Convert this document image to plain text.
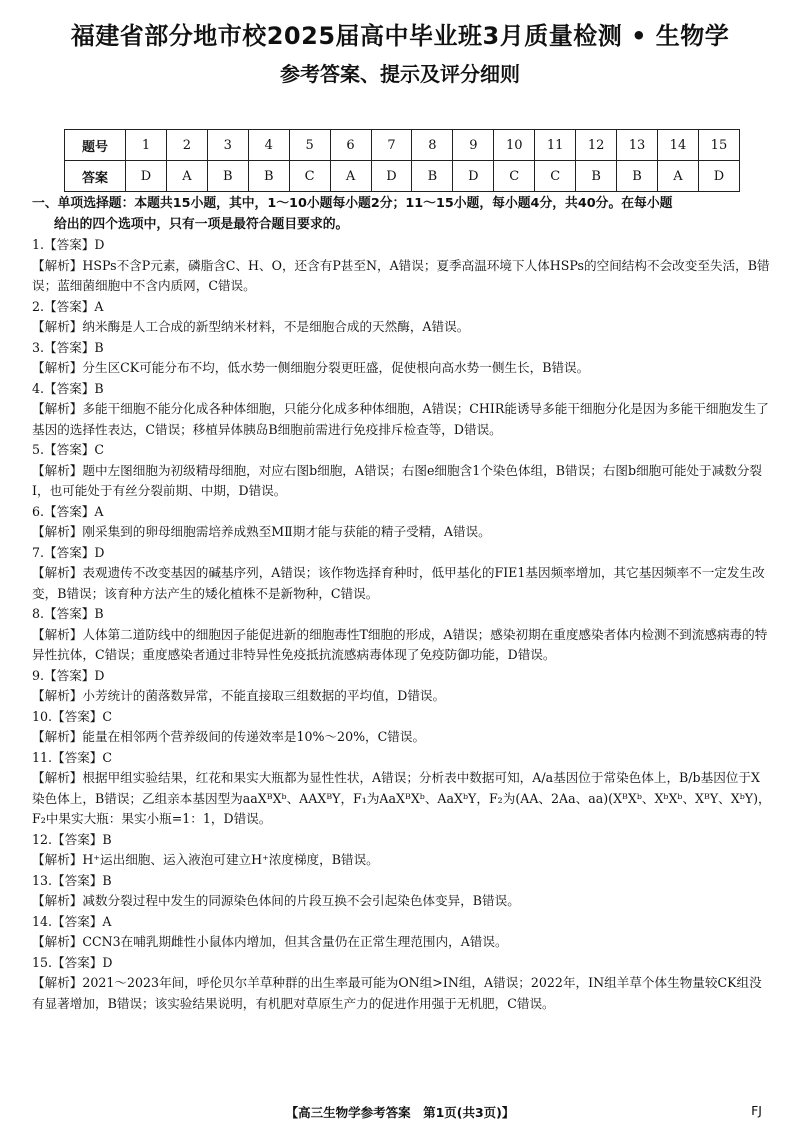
福建省部分地市校2025届高中毕业班3月质量检测 • 生物学
参考答案、提示及评分细则
题号	1	2	3	4	5	6	7	8	9	10	11	12	13	14	15
答案	D	A	B	B	C	A	D	B	D	C	C	B	B	A	D
一、单项选择题：本题共15小题，其中，1～10小题每小题2分；11～15小题，每小题4分，共40分。在每小题
给出的四个选项中，只有一项是最符合题目要求的。
1.【答案】D
【解析】HSPs不含P元素，磷脂含C、H、O，还含有P甚至N，A错误；夏季高温环境下人体HSPs的空间结构不会改变至失活，B错误；蓝细菌细胞中不含内质网，C错误。
2.【答案】A
【解析】纳米酶是人工合成的新型纳米材料，不是细胞合成的天然酶，A错误。
3.【答案】B
【解析】分生区CK可能分布不均，低水势一侧细胞分裂更旺盛，促使根向高水势一侧生长，B错误。
4.【答案】B
【解析】多能干细胞不能分化成各种体细胞，只能分化成多种体细胞，A错误；CHIR能诱导多能干细胞分化是因为多能干细胞发生了基因的选择性表达，C错误；移植异体胰岛B细胞前需进行免疫排斥检查等，D错误。
5.【答案】C
【解析】题中左图细胞为初级精母细胞，对应右图b细胞，A错误；右图e细胞含1个染色体组，B错误；右图b细胞可能处于减数分裂Ⅰ，也可能处于有丝分裂前期、中期，D错误。
6.【答案】A
【解析】刚采集到的卵母细胞需培养成熟至MⅡ期才能与获能的精子受精，A错误。
7.【答案】D
【解析】表观遗传不改变基因的碱基序列，A错误；该作物选择育种时，低甲基化的FIE1基因频率增加，其它基因频率不一定发生改变，B错误；该育种方法产生的矮化植株不是新物种，C错误。
8.【答案】B
【解析】人体第二道防线中的细胞因子能促进新的细胞毒性T细胞的形成，A错误；感染初期在重度感染者体内检测不到流感病毒的特异性抗体，C错误；重度感染者通过非特异性免疫抵抗流感病毒体现了免疫防御功能，D错误。
9.【答案】D
【解析】小芳统计的菌落数异常，不能直接取三组数据的平均值，D错误。
10.【答案】C
【解析】能量在相邻两个营养级间的传递效率是10%～20%，C错误。
11.【答案】C
【解析】根据甲组实验结果，红花和果实大瓶都为显性性状，A错误；分析表中数据可知，A/a基因位于常染色体上，B/b基因位于X染色体上，B错误；乙组亲本基因型为aaXᴮXᵇ、AAXᴮY，F₁为AaXᴮXᵇ、AaXᵇY，F₂为(AA、2Aa、aa)(XᴮXᵇ、XᵇXᵇ、XᴮY、XᵇY)，F₂中果实大瓶：果实小瓶=1：1，D错误。
12.【答案】B
【解析】H⁺运出细胞、运入液泡可建立H⁺浓度梯度，B错误。
13.【答案】B
【解析】减数分裂过程中发生的同源染色体间的片段互换不会引起染色体变异，B错误。
14.【答案】A
【解析】CCN3在哺乳期雌性小鼠体内增加，但其含量仍在正常生理范围内，A错误。
15.【答案】D
【解析】2021～2023年间，呼伦贝尔羊草种群的出生率最可能为ON组>IN组，A错误；2022年，IN组羊草个体生物量较CK组没有显著增加，B错误；该实验结果说明，有机肥对草原生产力的促进作用强于无机肥，C错误。
【高三生物学参考答案　第1页(共3页)】	FJ
